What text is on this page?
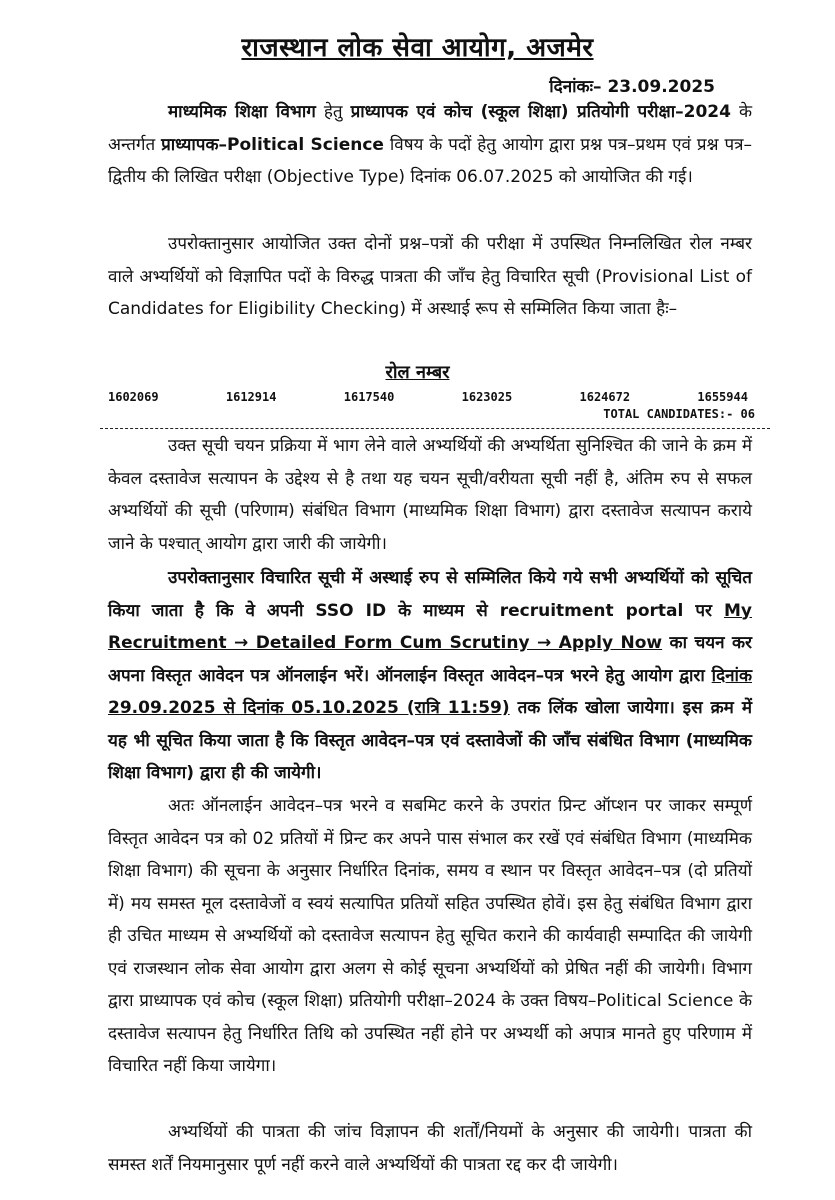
राजस्थान लोक सेवा आयोग, अजमेर
दिनांकः– 23.09.2025

माध्यमिक शिक्षा विभाग हेतु प्राध्यापक एवं कोच (स्कूल शिक्षा) प्रतियोगी परीक्षा–2024 के अन्तर्गत प्राध्यापक–Political Science विषय के पदों हेतु आयोग द्वारा प्रश्न पत्र–प्रथम एवं प्रश्न पत्र–द्वितीय की लिखित परीक्षा (Objective Type) दिनांक 06.07.2025 को आयोजित की गई।

उपरोक्तानुसार आयोजित उक्त दोनों प्रश्न–पत्रों की परीक्षा में उपस्थित निम्नलिखित रोल नम्बर वाले अभ्यर्थियों को विज्ञापित पदों के विरुद्ध पात्रता की जाँच हेतु विचारित सूची (Provisional List of Candidates for Eligibility Checking) में अस्थाई रूप से सम्मिलित किया जाता हैः–

रोल नम्बर
1602069	1612914	1617540	1623025	1624672	1655944
TOTAL CANDIDATES:- 06

उक्त सूची चयन प्रक्रिया में भाग लेने वाले अभ्यर्थियों की अभ्यर्थिता सुनिश्चित की जाने के क्रम में केवल दस्तावेज सत्यापन के उद्देश्य से है तथा यह चयन सूची/वरीयता सूची नहीं है, अंतिम रुप से सफल अभ्यर्थियों की सूची (परिणाम) संबंधित विभाग (माध्यमिक शिक्षा विभाग) द्वारा दस्तावेज सत्यापन कराये जाने के पश्चात् आयोग द्वारा जारी की जायेगी।

उपरोक्तानुसार विचारित सूची में अस्थाई रुप से सम्मिलित किये गये सभी अभ्यर्थियों को सूचित किया जाता है कि वे अपनी SSO ID के माध्यम से recruitment portal पर My Recruitment → Detailed Form Cum Scrutiny → Apply Now का चयन कर अपना विस्तृत आवेदन पत्र ऑनलाईन भरें। ऑनलाईन विस्तृत आवेदन–पत्र भरने हेतु आयोग द्वारा दिनांक 29.09.2025 से दिनांक 05.10.2025 (रात्रि 11:59) तक लिंक खोला जायेगा। इस क्रम में यह भी सूचित किया जाता है कि विस्तृत आवेदन–पत्र एवं दस्तावेजों की जाँच संबंधित विभाग (माध्यमिक शिक्षा विभाग) द्वारा ही की जायेगी।

अतः ऑनलाईन आवेदन–पत्र भरने व सबमिट करने के उपरांत प्रिन्ट ऑप्शन पर जाकर सम्पूर्ण विस्तृत आवेदन पत्र को 02 प्रतियों में प्रिन्ट कर अपने पास संभाल कर रखें एवं संबंधित विभाग (माध्यमिक शिक्षा विभाग) की सूचना के अनुसार निर्धारित दिनांक, समय व स्थान पर विस्तृत आवेदन–पत्र (दो प्रतियों में) मय समस्त मूल दस्तावेजों व स्वयं सत्यापित प्रतियों सहित उपस्थित होवें। इस हेतु संबंधित विभाग द्वारा ही उचित माध्यम से अभ्यर्थियों को दस्तावेज सत्यापन हेतु सूचित कराने की कार्यवाही सम्पादित की जायेगी एवं राजस्थान लोक सेवा आयोग द्वारा अलग से कोई सूचना अभ्यर्थियों को प्रेषित नहीं की जायेगी। विभाग द्वारा प्राध्यापक एवं कोच (स्कूल शिक्षा) प्रतियोगी परीक्षा–2024 के उक्त विषय–Political Science के दस्तावेज सत्यापन हेतु निर्धारित तिथि को उपस्थित नहीं होने पर अभ्यर्थी को अपात्र मानते हुए परिणाम में विचारित नहीं किया जायेगा।

अभ्यर्थियों की पात्रता की जांच विज्ञापन की शर्तों/नियमों के अनुसार की जायेगी। पात्रता की समस्त शर्तें नियमानुसार पूर्ण नहीं करने वाले अभ्यर्थियों की पात्रता रद्द कर दी जायेगी।
